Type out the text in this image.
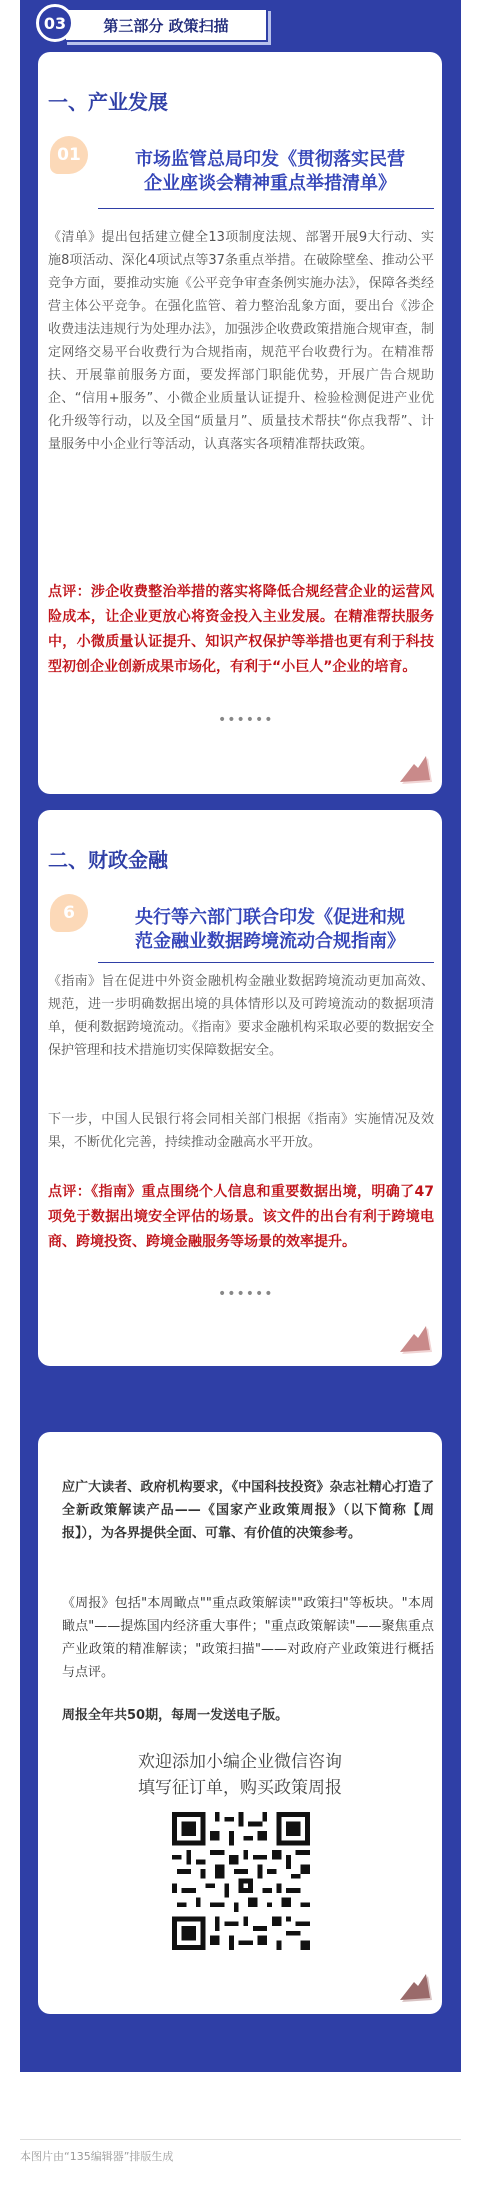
03	第三部分 政策扫描
一、产业发展
01	市场监管总局印发《贯彻落实民营
企业座谈会精神重点举措清单》
《清单》提出包括建立健全13项制度法规、部署开展9大行动、实施8项活动、深化4项试点等37条重点举措。在破除壁垒、推动公平竞争方面，要推动实施《公平竞争审查条例实施办法》，保障各类经营主体公平竞争。在强化监管、着力整治乱象方面，要出台《涉企收费违法违规行为处理办法》，加强涉企收费政策措施合规审查，制定网络交易平台收费行为合规指南，规范平台收费行为。在精准帮扶、开展靠前服务方面，要发挥部门职能优势，开展广告合规助企、“信用+服务”、小微企业质量认证提升、检验检测促进产业优化升级等行动，以及全国“质量月”、质量技术帮扶“你点我帮”、计量服务中小企业行等活动，认真落实各项精准帮扶政策。
点评：涉企收费整治举措的落实将降低合规经营企业的运营风险成本，让企业更放心将资金投入主业发展。在精准帮扶服务中，小微质量认证提升、知识产权保护等举措也更有利于科技型初创企业创新成果市场化，有利于“小巨人”企业的培育。
••••••
二、财政金融
6	央行等六部门联合印发《促进和规
范金融业数据跨境流动合规指南》
《指南》旨在促进中外资金融机构金融业数据跨境流动更加高效、规范，进一步明确数据出境的具体情形以及可跨境流动的数据项清单，便利数据跨境流动。《指南》要求金融机构采取必要的数据安全保护管理和技术措施切实保障数据安全。
下一步，中国人民银行将会同相关部门根据《指南》实施情况及效果，不断优化完善，持续推动金融高水平开放。
点评：《指南》重点围绕个人信息和重要数据出境，明确了47项免于数据出境安全评估的场景。该文件的出台有利于跨境电商、跨境投资、跨境金融服务等场景的效率提升。
••••••
应广大读者、政府机构要求，《中国科技投资》杂志社精心打造了全新政策解读产品——《国家产业政策周报》（以下简称【周报】），为各界提供全面、可靠、有价值的决策参考。
《周报》包括"本周瞰点""重点政策解读""政策扫"等板块。"本周瞰点"——提炼国内经济重大事件；"重点政策解读"——聚焦重点产业政策的精准解读；"政策扫描"——对政府产业政策进行概括与点评。
周报全年共50期，每周一发送电子版。
欢迎添加小编企业微信咨询
填写征订单，购买政策周报
本图片由“135编辑器”排版生成
